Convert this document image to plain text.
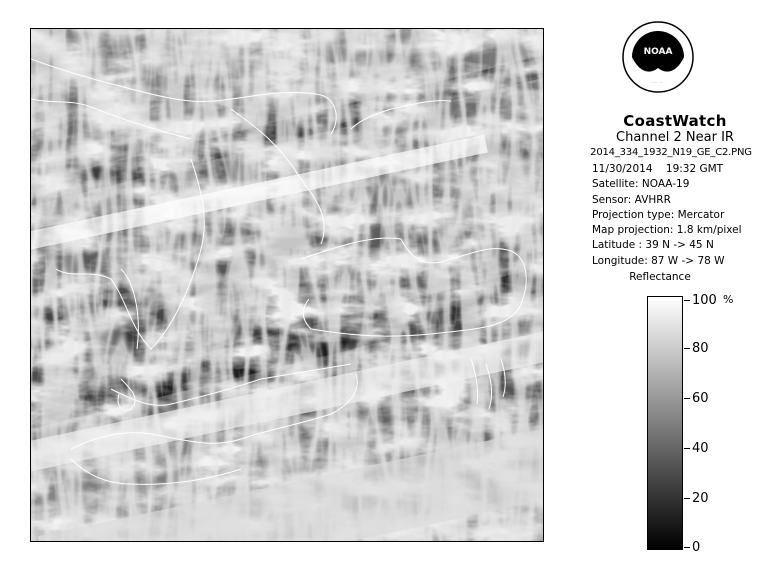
NOAA
CoastWatch
Channel 2 Near IR
2014_334_1932_N19_GE_C2.PNG
11/30/2014 19:32 GMT
Satellite: NOAA-19
Sensor: AVHRR
Projection type: Mercator
Map projection: 1.8 km/pixel
Latitude : 39 N -> 45 N
Longitude: 87 W -> 78 W
Reflectance
%
100
80
60
40
20
0
